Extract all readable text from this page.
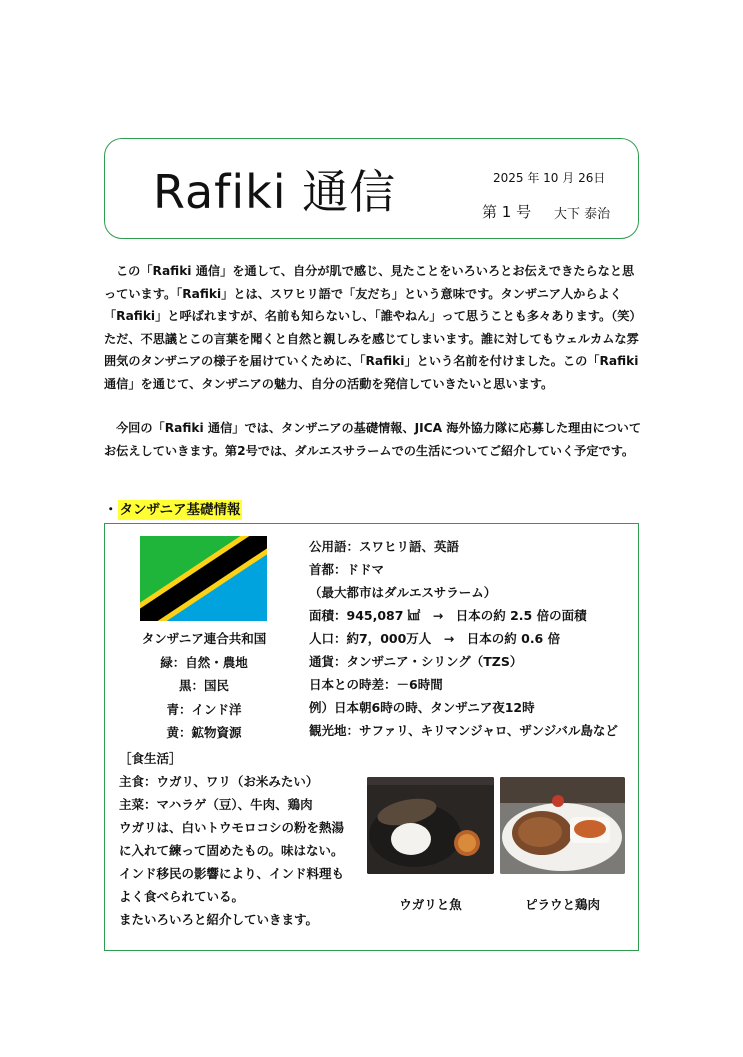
Rafiki 通信	2025 年 10 月 26日
第 1 号 大下 泰治

この「Rafiki 通信」を通して、自分が肌で感じ、見たことをいろいろとお伝えできたらなと思っています。「Rafiki」とは、スワヒリ語で「友だち」という意味です。タンザニア人からよく「Rafiki」と呼ばれますが、名前も知らないし、「誰やねん」って思うことも多々あります。（笑）ただ、不思議とこの言葉を聞くと自然と親しみを感じてしまいます。誰に対してもウェルカムな雰囲気のタンザニアの様子を届けていくために、「Rafiki」という名前を付けました。この「Rafiki 通信」を通じて、タンザニアの魅力、自分の活動を発信していきたいと思います。

今回の「Rafiki 通信」では、タンザニアの基礎情報、JICA 海外協力隊に応募した理由についてお伝えしていきます。第2号では、ダルエスサラームでの生活についてご紹介していく予定です。

・ タンザニア基礎情報
タンザニア連合共和国
緑：自然・農地
黒：国民
青：インド洋
黄：鉱物資源
公用語：スワヒリ語、英語
首都：ドドマ
（最大都市はダルエスサラーム）
面積：945,087 ㎢　→　日本の約 2.5 倍の面積
人口：約7，000万人　→　日本の約 0.6 倍
通貨：タンザニア・シリング（TZS）
日本との時差：－6時間
例）日本朝6時の時、タンザニア夜12時
観光地：サファリ、キリマンジャロ、ザンジバル島など
［食生活］
主食：ウガリ、ワリ（お米みたい）
主菜：マハラゲ（豆）、牛肉、鶏肉
ウガリは、白いトウモロコシの粉を熱湯
に入れて練って固めたもの。味はない。
インド移民の影響により、インド料理も
よく食べられている。
またいろいろと紹介していきます。
ウガリと魚	ピラウと鶏肉
